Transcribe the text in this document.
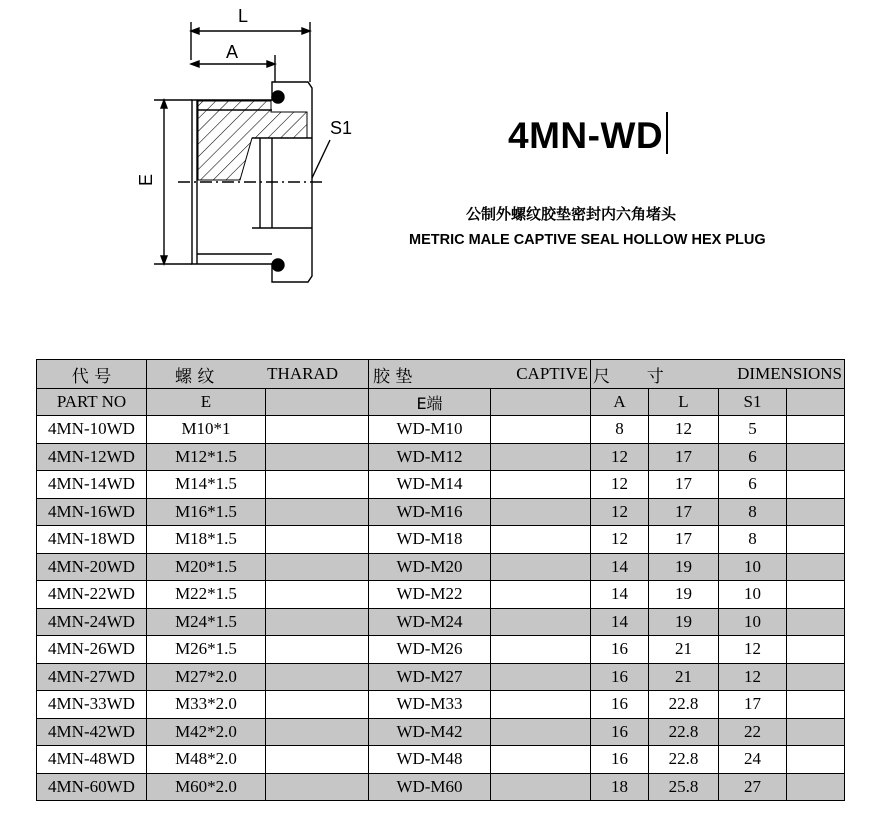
L
A
S1
E
4MN-WD
公制外螺纹胶垫密封内六角堵头
METRIC MALE CAPTIVE SEAL HOLLOW HEX PLUG
代 号	螺 纹 THARAD		胶 垫 CAPTIVE		尺 寸 DIMENSIONS			

PART NO	E		E端		A	L	S1	
4MN-10WD	M10*1		WD-M10		8	12	5	
4MN-12WD	M12*1.5		WD-M12		12	17	6	
4MN-14WD	M14*1.5		WD-M14		12	17	6	
4MN-16WD	M16*1.5		WD-M16		12	17	8	
4MN-18WD	M18*1.5		WD-M18		12	17	8	
4MN-20WD	M20*1.5		WD-M20		14	19	10	
4MN-22WD	M22*1.5		WD-M22		14	19	10	
4MN-24WD	M24*1.5		WD-M24		14	19	10	
4MN-26WD	M26*1.5		WD-M26		16	21	12	
4MN-27WD	M27*2.0		WD-M27		16	21	12	
4MN-33WD	M33*2.0		WD-M33		16	22.8	17	
4MN-42WD	M42*2.0		WD-M42		16	22.8	22	
4MN-48WD	M48*2.0		WD-M48		16	22.8	24	
4MN-60WD	M60*2.0		WD-M60		18	25.8	27	
